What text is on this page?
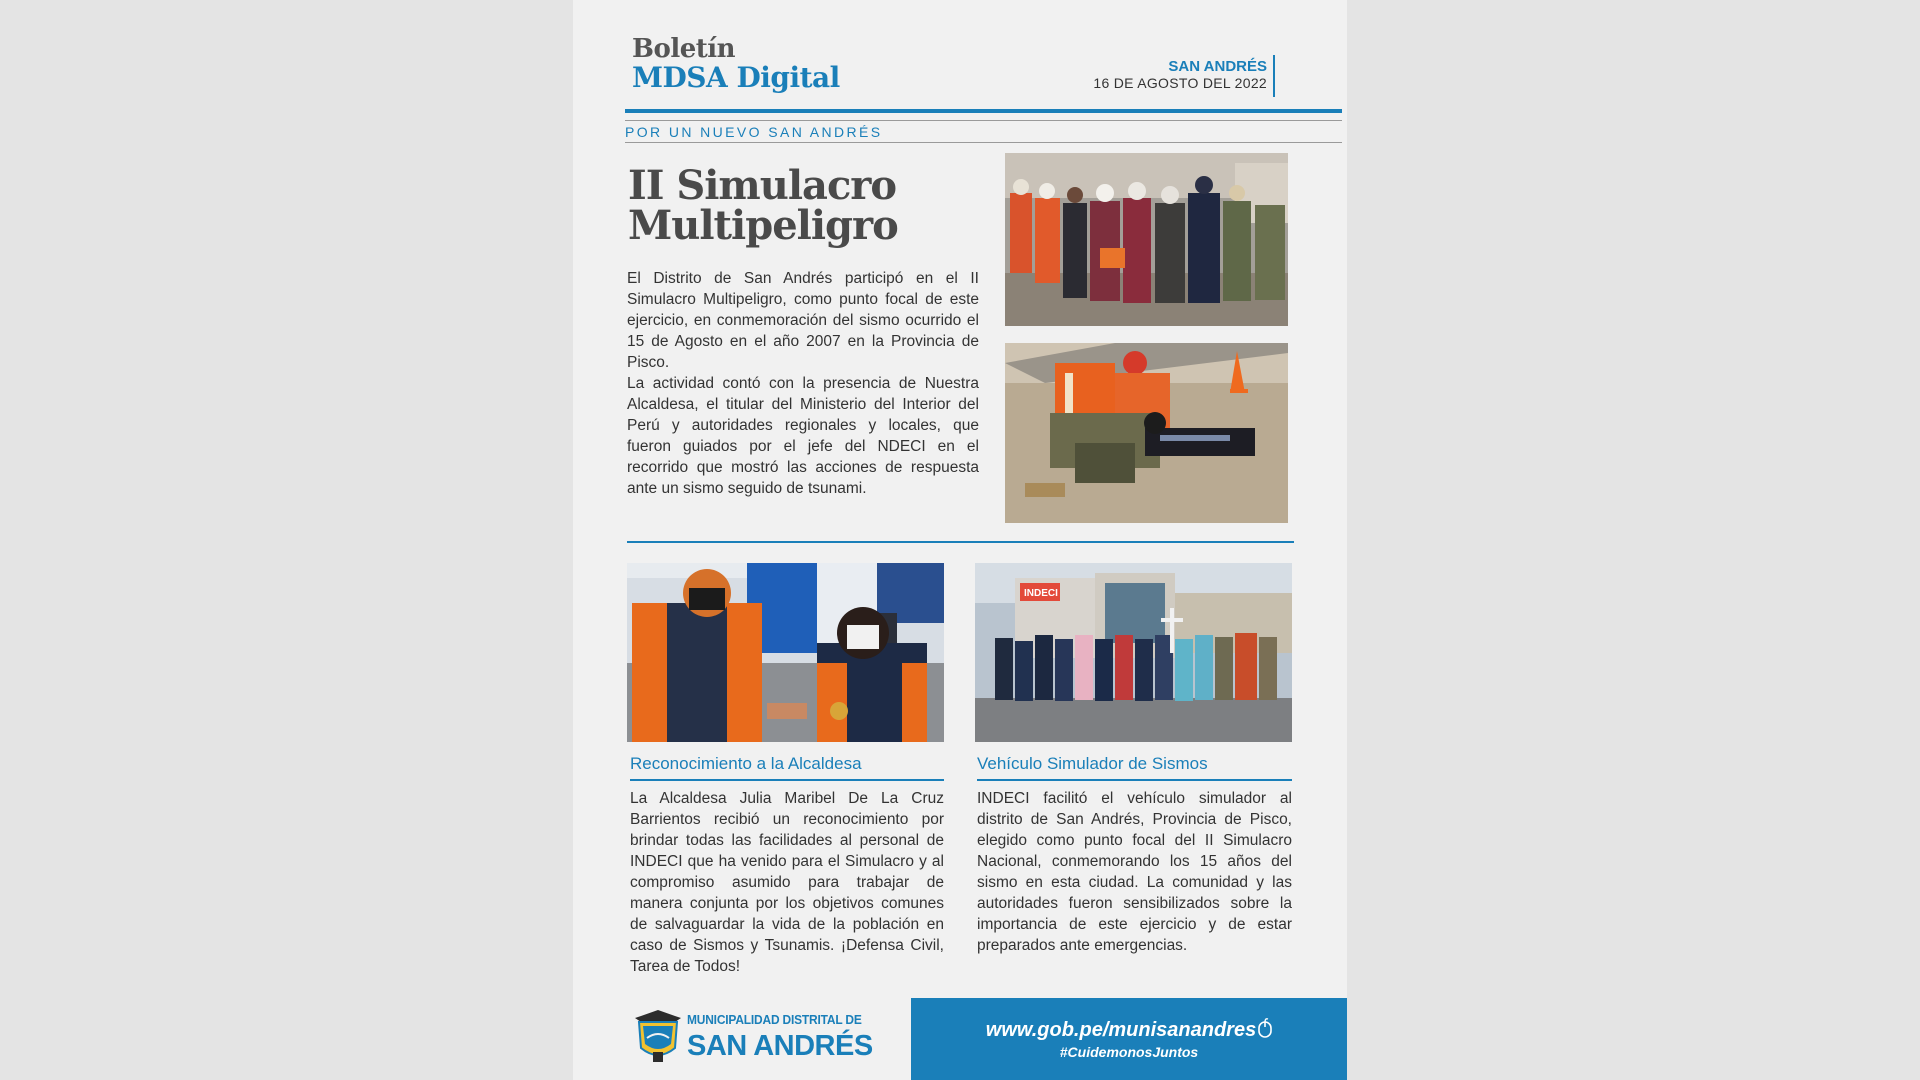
Boletín
MDSA Digital	SAN ANDRÉS
16 DE AGOSTO DEL 2022
POR UN NUEVO SAN ANDRÉS
II Simulacro
Multipeligro
El Distrito de San Andrés participó en el II Simulacro Multipeligro, como punto focal de este ejercicio, en conmemoración del sismo ocurrido el 15 de Agosto en el año 2007 en la Provincia de Pisco.
La actividad contó con la presencia de Nuestra Alcaldesa, el titular del Ministerio del Interior del Perú y autoridades regionales y locales, que fueron guiados por el jefe del NDECI en el recorrido que mostró las acciones de respuesta ante un sismo seguido de tsunami.
INDECI
Reconocimiento a la Alcaldesa
La Alcaldesa Julia Maribel De La Cruz Barrientos recibió un reconocimiento por brindar todas las facilidades al personal de INDECI que ha venido para el Simulacro y al compromiso asumido para trabajar de manera conjunta por los objetivos comunes de salvaguardar la vida de la población en caso de Sismos y Tsunamis. ¡Defensa Civil, Tarea de Todos!
Vehículo Simulador de Sismos
INDECI facilitó el vehículo simulador al distrito de San Andrés, Provincia de Pisco, elegido como punto focal del II Simulacro Nacional, conmemorando los 15 años del sismo en esta ciudad. La comunidad y las autoridades fueron sensibilizados sobre la importancia de este ejercicio y de estar preparados ante emergencias.
MUNICIPALIDAD DISTRITAL DE
SAN ANDRÉS	www.gob.pe/munisanandres
#CuidemonosJuntos
